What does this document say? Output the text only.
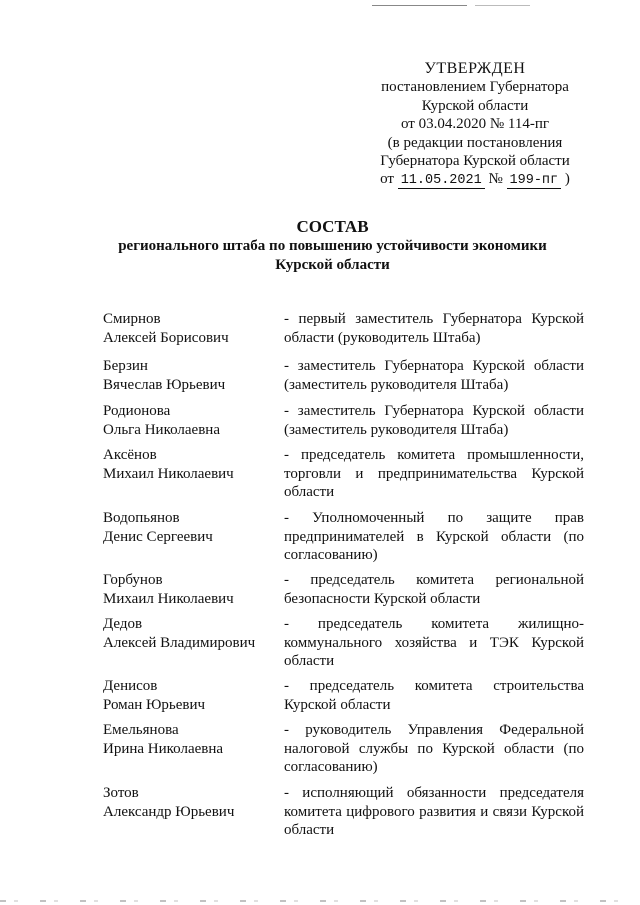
УТВЕРЖДЕН
постановлением Губернатора
Курской области
от 03.04.2020 № 114-пг
(в редакции постановления
Губернатора Курской области
от 11.05.2021 № 199-пг )
СОСТАВ
регионального штаба по повышению устойчивости экономики
Курской области
Смирнов
Алексей Борисович
- первый заместитель Губернатора Курской области (руководитель Штаба)
Берзин
Вячеслав Юрьевич
- заместитель Губернатора Курской области (заместитель руководителя Штаба)
Родионова
Ольга Николаевна
- заместитель Губернатора Курской области (заместитель руководителя Штаба)
Аксёнов
Михаил Николаевич
- председатель комитета промышленности, торговли и предпринимательства Курской области
Водопьянов
Денис Сергеевич
- Уполномоченный по защите прав предпринимателей в Курской области (по согласованию)
Горбунов
Михаил Николаевич
- председатель комитета региональной безопасности Курской области
Дедов
Алексей Владимирович
- председатель комитета жилищно-коммунального хозяйства и ТЭК Курской области
Денисов
Роман Юрьевич
- председатель комитета строительства Курской области
Емельянова
Ирина Николаевна
- руководитель Управления Федеральной налоговой службы по Курской области (по согласованию)
Зотов
Александр Юрьевич
- исполняющий обязанности председателя комитета цифрового развития и связи Курской области
